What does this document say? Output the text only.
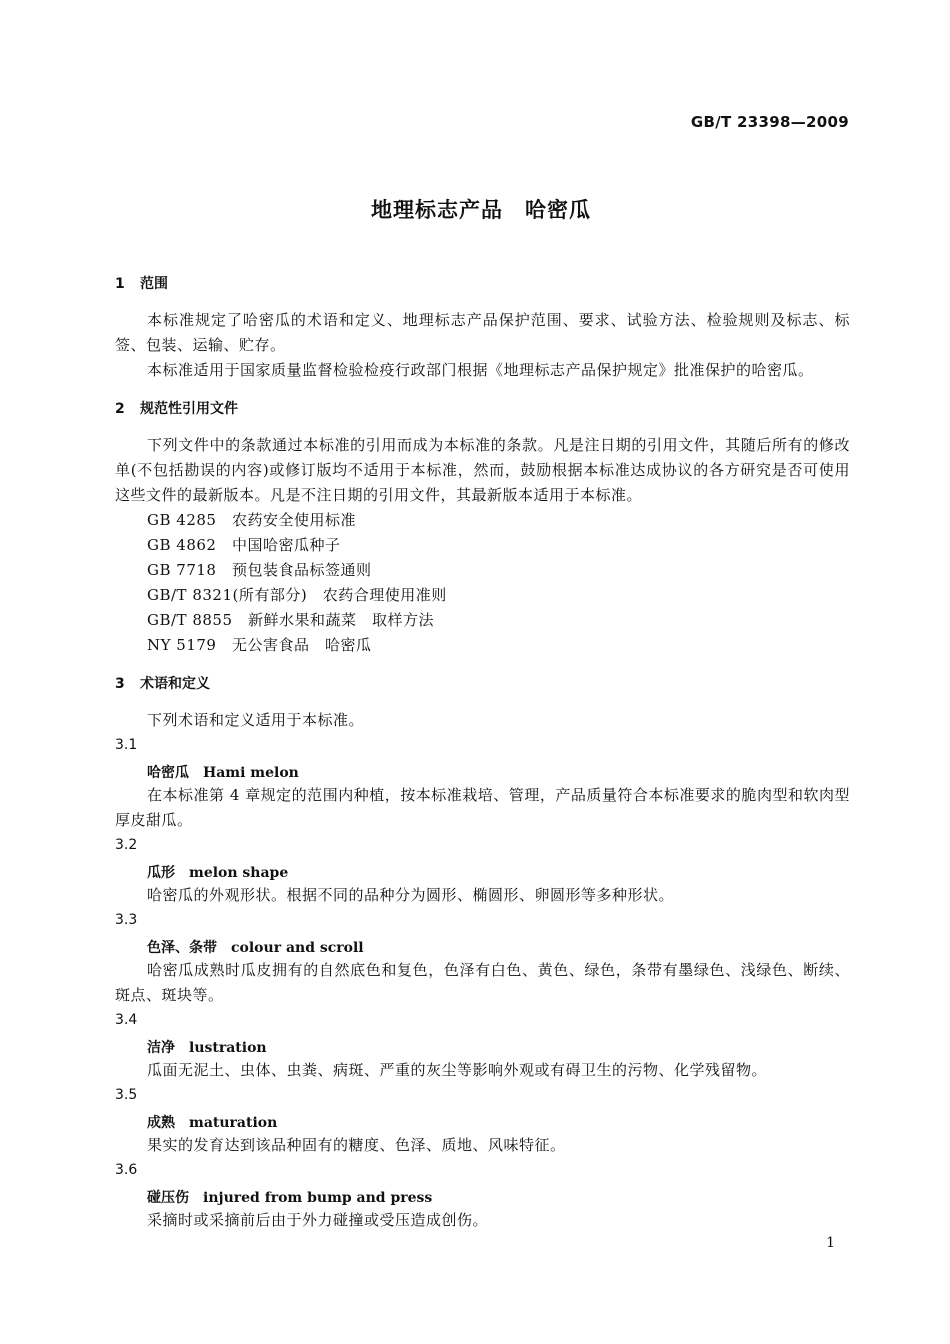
GB/T 23398—2009
地理标志产品　哈密瓜
1 范围
本标准规定了哈密瓜的术语和定义、地理标志产品保护范围、要求、试验方法、检验规则及标志、标签、包装、运输、贮存。
本标准适用于国家质量监督检验检疫行政部门根据《地理标志产品保护规定》批准保护的哈密瓜。
2 规范性引用文件
下列文件中的条款通过本标准的引用而成为本标准的条款。凡是注日期的引用文件，其随后所有的修改单(不包括勘误的内容)或修订版均不适用于本标准，然而，鼓励根据本标准达成协议的各方研究是否可使用这些文件的最新版本。凡是不注日期的引用文件，其最新版本适用于本标准。
GB 4285　 农药安全使用标准
GB 4862　 中国哈密瓜种子
GB 7718　 预包装食品标签通则
GB/T 8321(所有部分)　 农药合理使用准则
GB/T 8855　 新鲜水果和蔬菜　取样方法
NY 5179　 无公害食品　哈密瓜
3 术语和定义
下列术语和定义适用于本标准。
3.1
哈密瓜 Hami melon
在本标准第 4 章规定的范围内种植，按本标准栽培、管理，产品质量符合本标准要求的脆肉型和软肉型厚皮甜瓜。
3.2
瓜形 melon shape
哈密瓜的外观形状。根据不同的品种分为圆形、椭圆形、卵圆形等多种形状。
3.3
色泽、条带 colour and scroll
哈密瓜成熟时瓜皮拥有的自然底色和复色，色泽有白色、黄色、绿色，条带有墨绿色、浅绿色、断续、斑点、斑块等。
3.4
洁净 lustration
瓜面无泥土、虫体、虫粪、病斑、严重的灰尘等影响外观或有碍卫生的污物、化学残留物。
3.5
成熟 maturation
果实的发育达到该品种固有的糖度、色泽、质地、风味特征。
3.6
碰压伤 injured from bump and press
采摘时或采摘前后由于外力碰撞或受压造成创伤。
1
